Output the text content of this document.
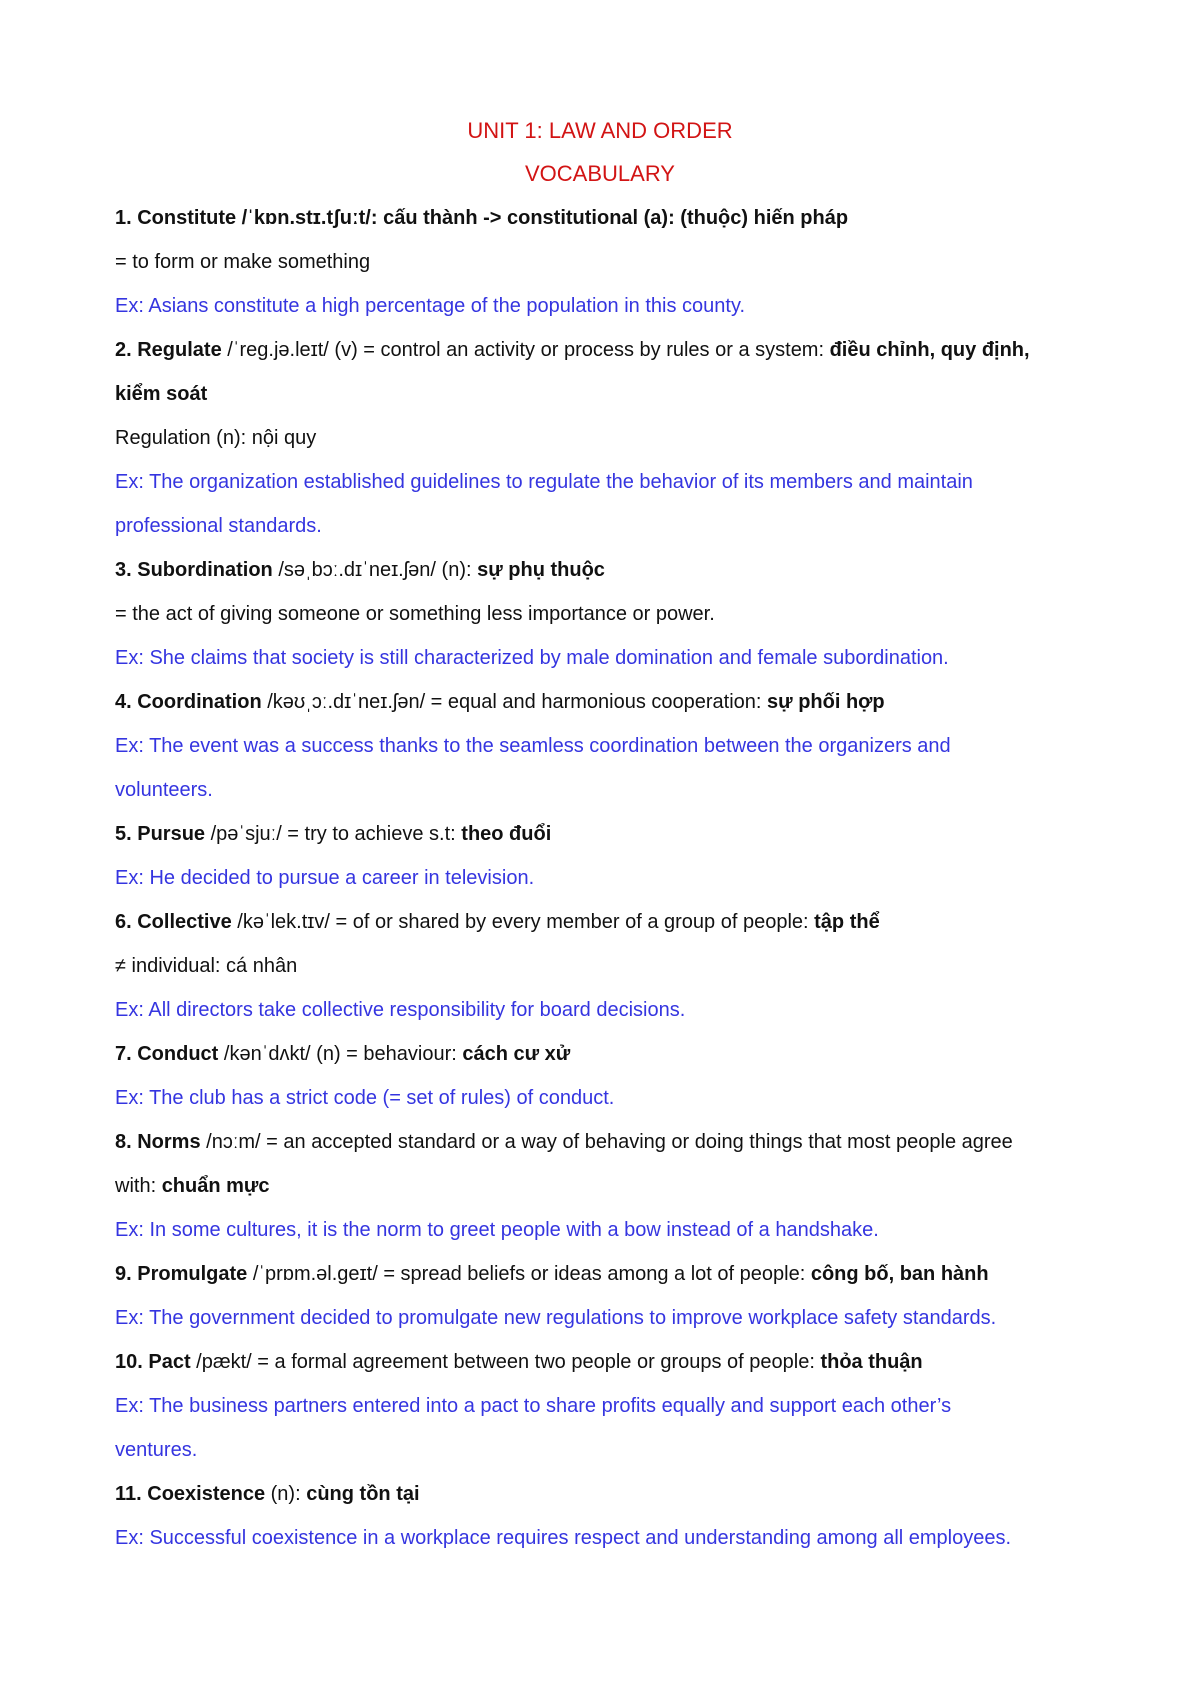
UNIT 1: LAW AND ORDER
VOCABULARY
1. Constitute /ˈkɒn.stɪ.tʃuːt/: cấu thành -> constitutional (a): (thuộc) hiến pháp
= to form or make something
Ex: Asians constitute a high percentage of the population in this county.
2. Regulate /ˈreg.jə.leɪt/ (v) = control an activity or process by rules or a system: điều chỉnh, quy định,
kiểm soát
Regulation (n): nội quy
Ex: The organization established guidelines to regulate the behavior of its members and maintain
professional standards.
3. Subordination /səˌbɔː.dɪˈneɪ.ʃən/ (n): sự phụ thuộc
= the act of giving someone or something less importance or power.
Ex: She claims that society is still characterized by male domination and female subordination.
4. Coordination /kəʊˌɔː.dɪˈneɪ.ʃən/ = equal and harmonious cooperation: sự phối hợp
Ex: The event was a success thanks to the seamless coordination between the organizers and
volunteers.
5. Pursue /pəˈsjuː/ = try to achieve s.t: theo đuổi
Ex: He decided to pursue a career in television.
6. Collective /kəˈlek.tɪv/ = of or shared by every member of a group of people: tập thể
≠ individual: cá nhân
Ex: All directors take collective responsibility for board decisions.
7. Conduct /kənˈdʌkt/ (n) = behaviour: cách cư xử
Ex: The club has a strict code (= set of rules) of conduct.
8. Norms /nɔːm/ = an accepted standard or a way of behaving or doing things that most people agree
with: chuẩn mực
Ex: In some cultures, it is the norm to greet people with a bow instead of a handshake.
9. Promulgate /ˈprɒm.əl.ɡeɪt/ = spread beliefs or ideas among a lot of people: công bố, ban hành
Ex: The government decided to promulgate new regulations to improve workplace safety standards.
10. Pact /pækt/ = a formal agreement between two people or groups of people: thỏa thuận
Ex: The business partners entered into a pact to share profits equally and support each other’s
ventures.
11. Coexistence (n): cùng tồn tại
Ex: Successful coexistence in a workplace requires respect and understanding among all employees.
